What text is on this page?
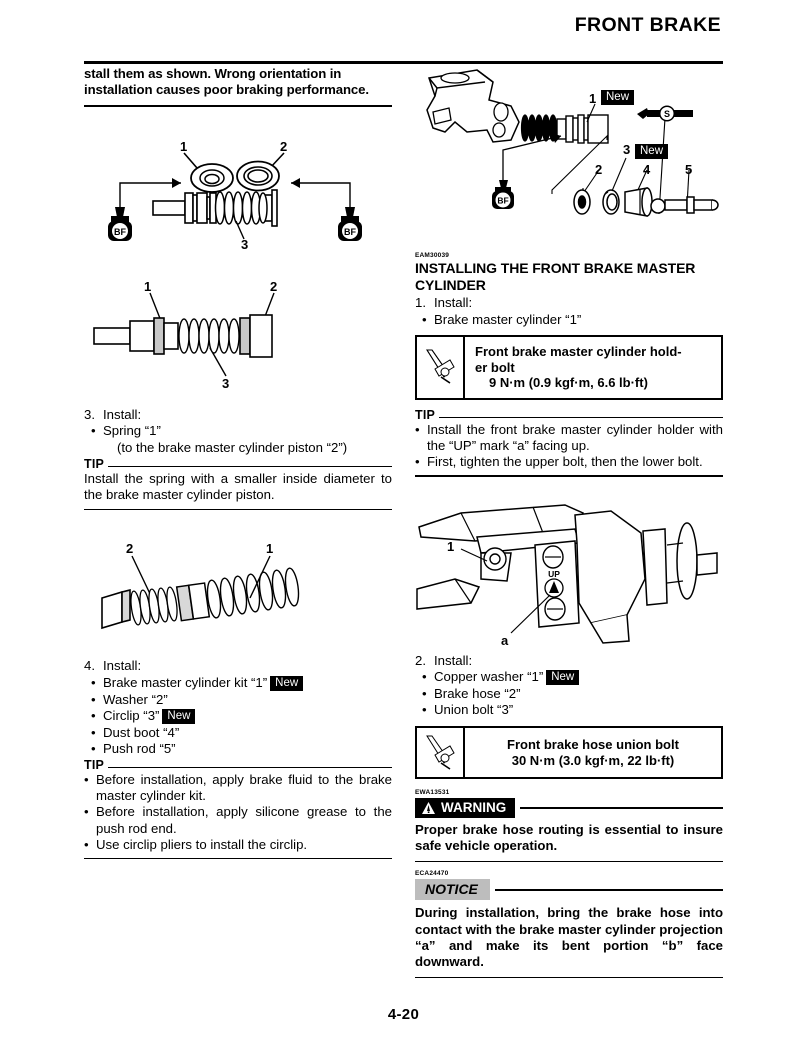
FRONT BRAKE
stall them as shown. Wrong orientation in installation causes poor braking performance.
BF	BF
1	2
3
1	2
3
3. Install:
• Spring “1”
(to the brake master cylinder piston “2”)
TIP
Install the spring with a smaller inside diameter to the brake master cylinder piston.
2	1
4. Install:
• Brake master cylinder kit “1” New
• Washer “2”
• Circlip “3” New
• Dust boot “4”
• Push rod “5”
TIP
• Before installation, apply brake fluid to the brake master cylinder kit.
• Before installation, apply silicone grease to the push rod end.
• Use circlip pliers to install the circlip.
BF
S
1
3
2	4	5
New
New
EAM30039
INSTALLING THE FRONT BRAKE MASTER CYLINDER
1. Install:
• Brake master cylinder “1”
Front brake master cylinder hold-
er bolt
9 N·m (0.9 kgf·m, 6.6 lb·ft)
TIP
• Install the front brake master cylinder holder with the “UP” mark “a” facing up.
• First, tighten the upper bolt, then the lower bolt.
UP
1
a
2. Install:
• Copper washer “1” New
• Brake hose “2”
• Union bolt “3”
Front brake hose union bolt
30 N·m (3.0 kgf·m, 22 lb·ft)
EWA13531
WARNING
Proper brake hose routing is essential to insure safe vehicle operation.
ECA24470
NOTICE
During installation, bring the brake hose into contact with the brake master cylinder projection “a” and make its bent portion “b” face downward.
4-20
